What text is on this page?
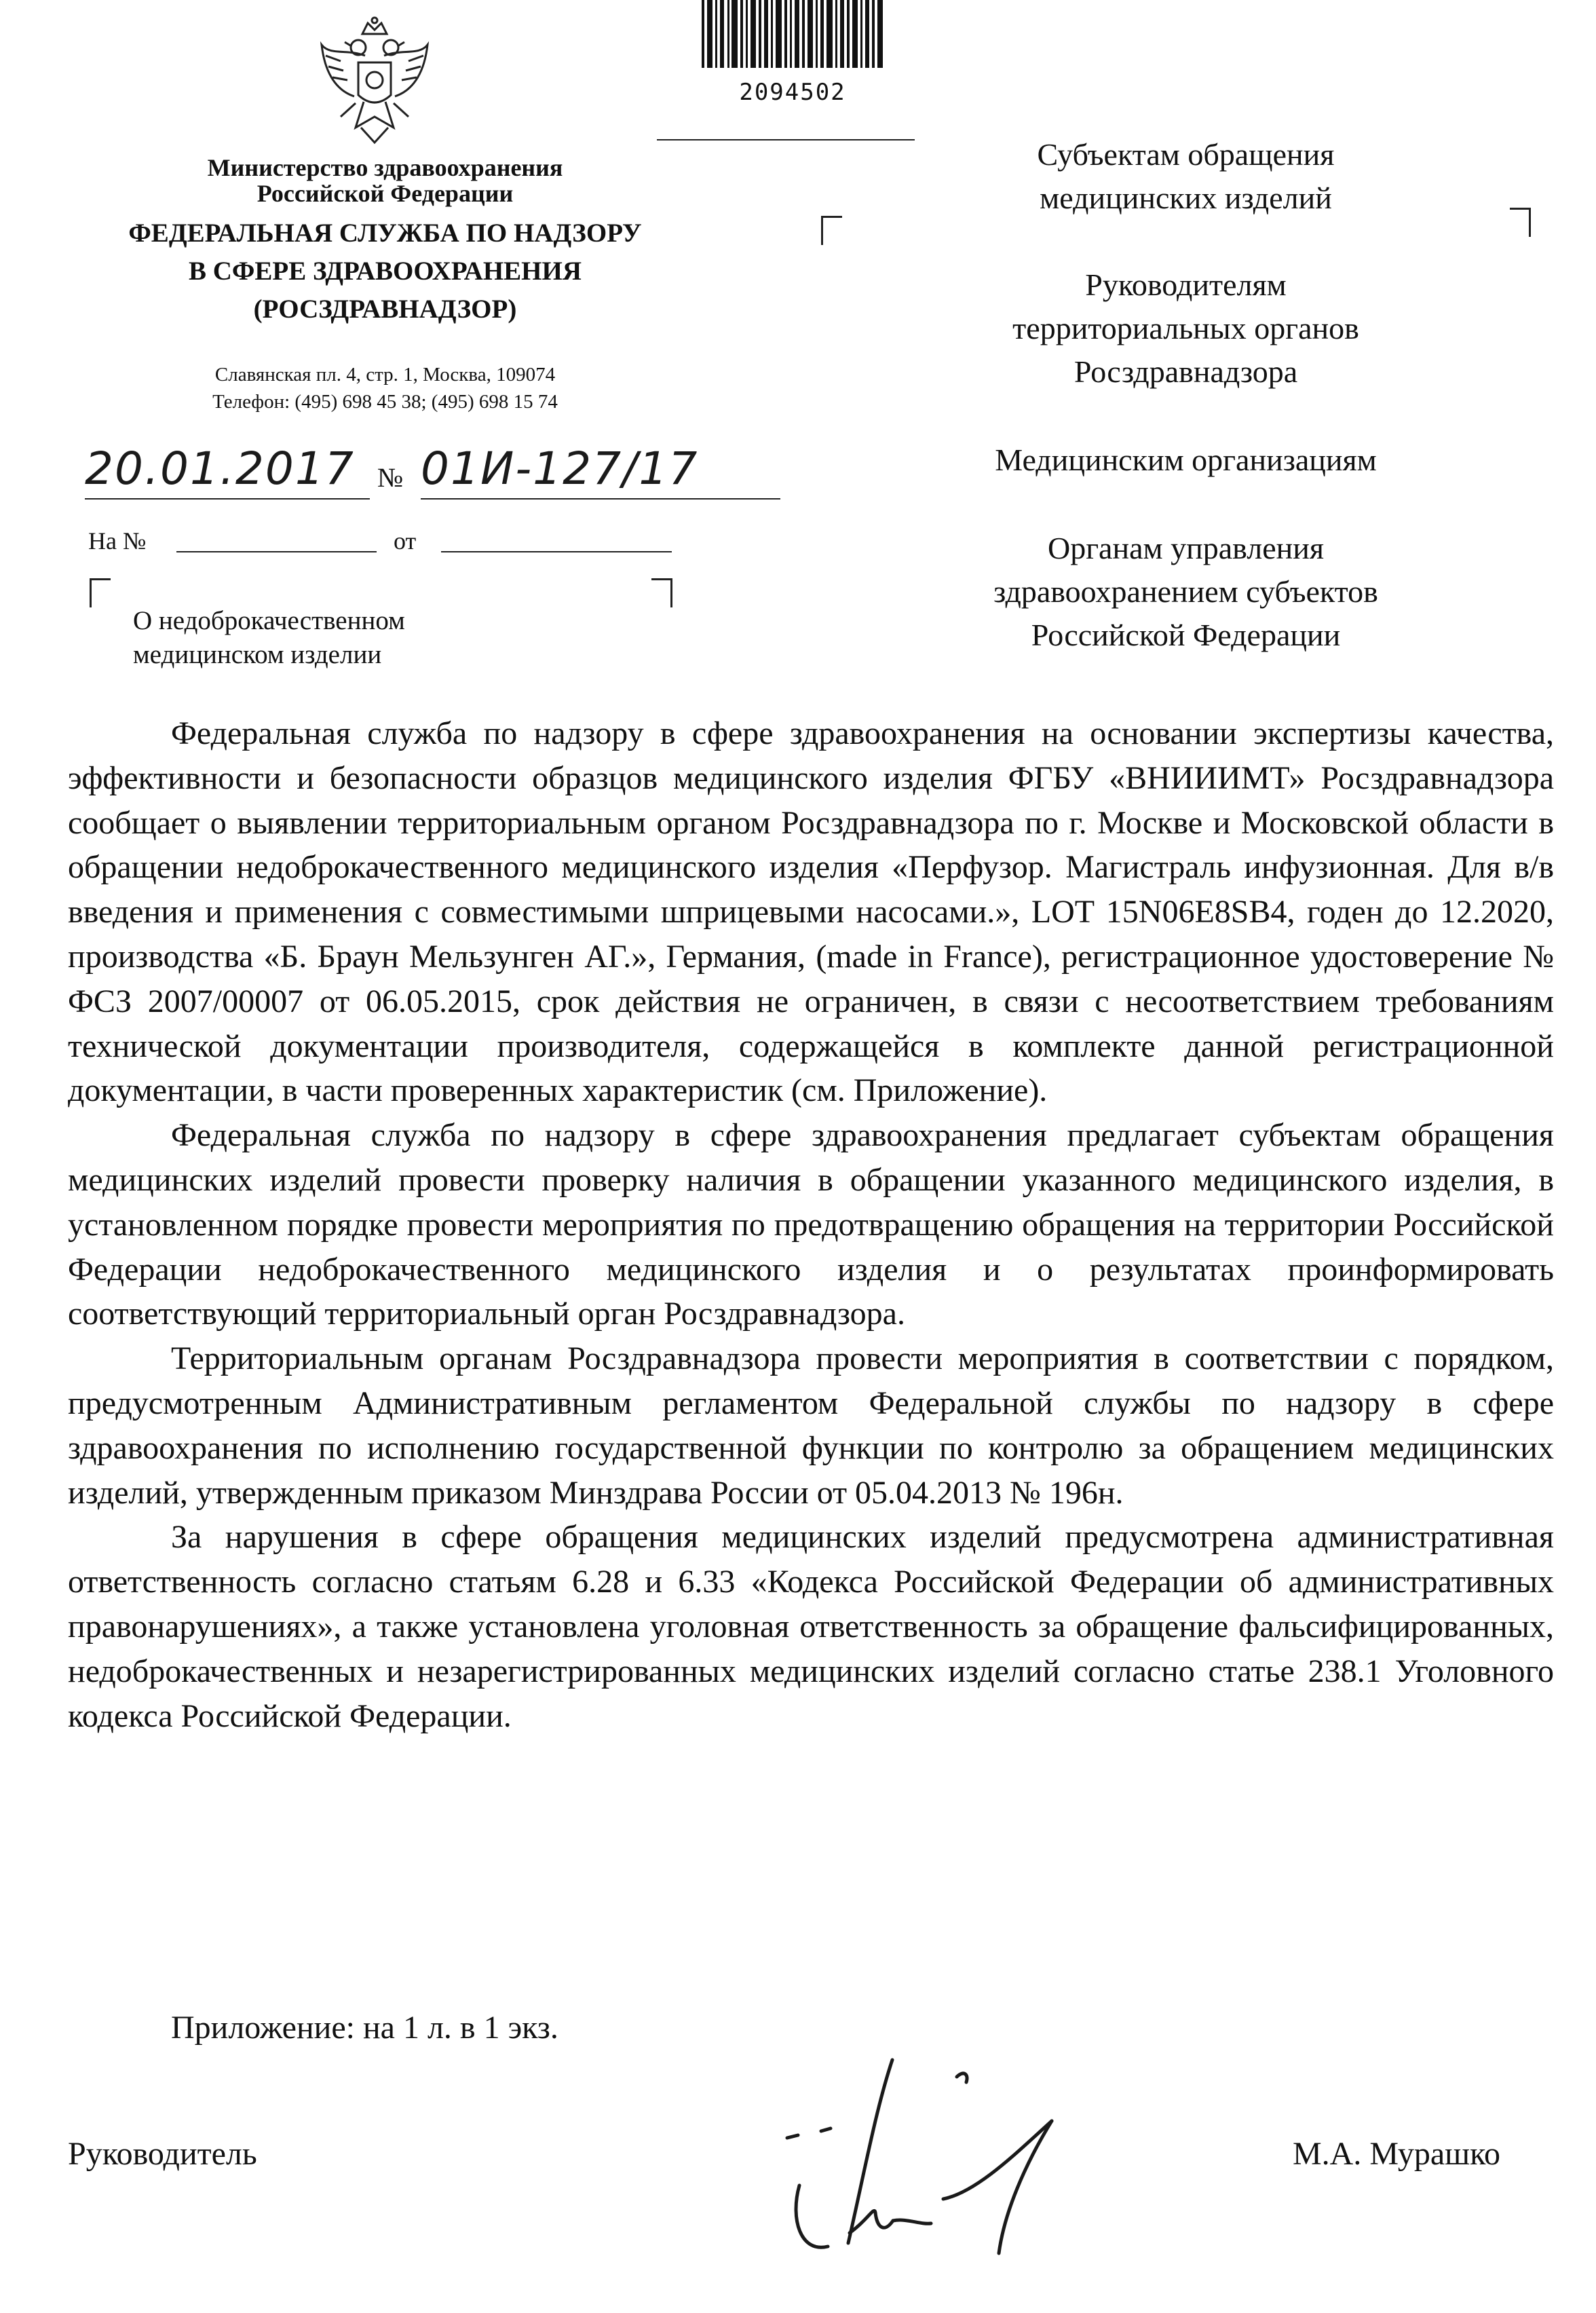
Министерство здравоохранения
Российской Федерации
ФЕДЕРАЛЬНАЯ СЛУЖБА ПО НАДЗОРУ
В СФЕРЕ ЗДРАВООХРАНЕНИЯ
(РОСЗДРАВНАДЗОР)
Славянская пл. 4, стр. 1, Москва, 109074
Телефон: (495) 698 45 38; (495) 698 15 74
2094502
20.01.2017 № 01И-127/17
На №	от
О недоброкачественном
медицинском изделии
Субъектам обращения
медицинских изделий
Руководителям
территориальных органов
Росздравнадзора
Медицинским организациям
Органам управления
здравоохранением субъектов
Российской Федерации

Федеральная служба по надзору в сфере здравоохранения на основании экспертизы качества, эффективности и безопасности образцов медицинского изделия ФГБУ «ВНИИИМТ» Росздравнадзора сообщает о выявлении территориальным органом Росздравнадзора по г. Москве и Московской области в обращении недоброкачественного медицинского изделия «Перфузор. Магистраль инфузионная. Для в/в введения и применения с совместимыми шприцевыми насосами.», LOT 15N06E8SB4, годен до 12.2020, производства «Б. Браун Мельзунген АГ.», Германия, (made in France), регистрационное удостоверение № ФСЗ 2007/00007 от 06.05.2015, срок действия не ограничен, в связи с несоответствием требованиям технической документации производителя, содержащейся в комплекте данной регистрационной документации, в части проверенных характеристик (см. Приложение).

Федеральная служба по надзору в сфере здравоохранения предлагает субъектам обращения медицинских изделий провести проверку наличия в обращении указанного медицинского изделия, в установленном порядке провести мероприятия по предотвращению обращения на территории Российской Федерации недоброкачественного медицинского изделия и о результатах проинформировать соответствующий территориальный орган Росздравнадзора.

Территориальным органам Росздравнадзора провести мероприятия в соответствии с порядком, предусмотренным Административным регламентом Федеральной службы по надзору в сфере здравоохранения по исполнению государственной функции по контролю за обращением медицинских изделий, утвержденным приказом Минздрава России от 05.04.2013 № 196н.

За нарушения в сфере обращения медицинских изделий предусмотрена административная ответственность согласно статьям 6.28 и 6.33 «Кодекса Российской Федерации об административных правонарушениях», а также установлена уголовная ответственность за обращение фальсифицированных, недоброкачественных и незарегистрированных медицинских изделий согласно статье 238.1 Уголовного кодекса Российской Федерации.

Приложение: на 1 л. в 1 экз.
Руководитель	М.А. Мурашко
